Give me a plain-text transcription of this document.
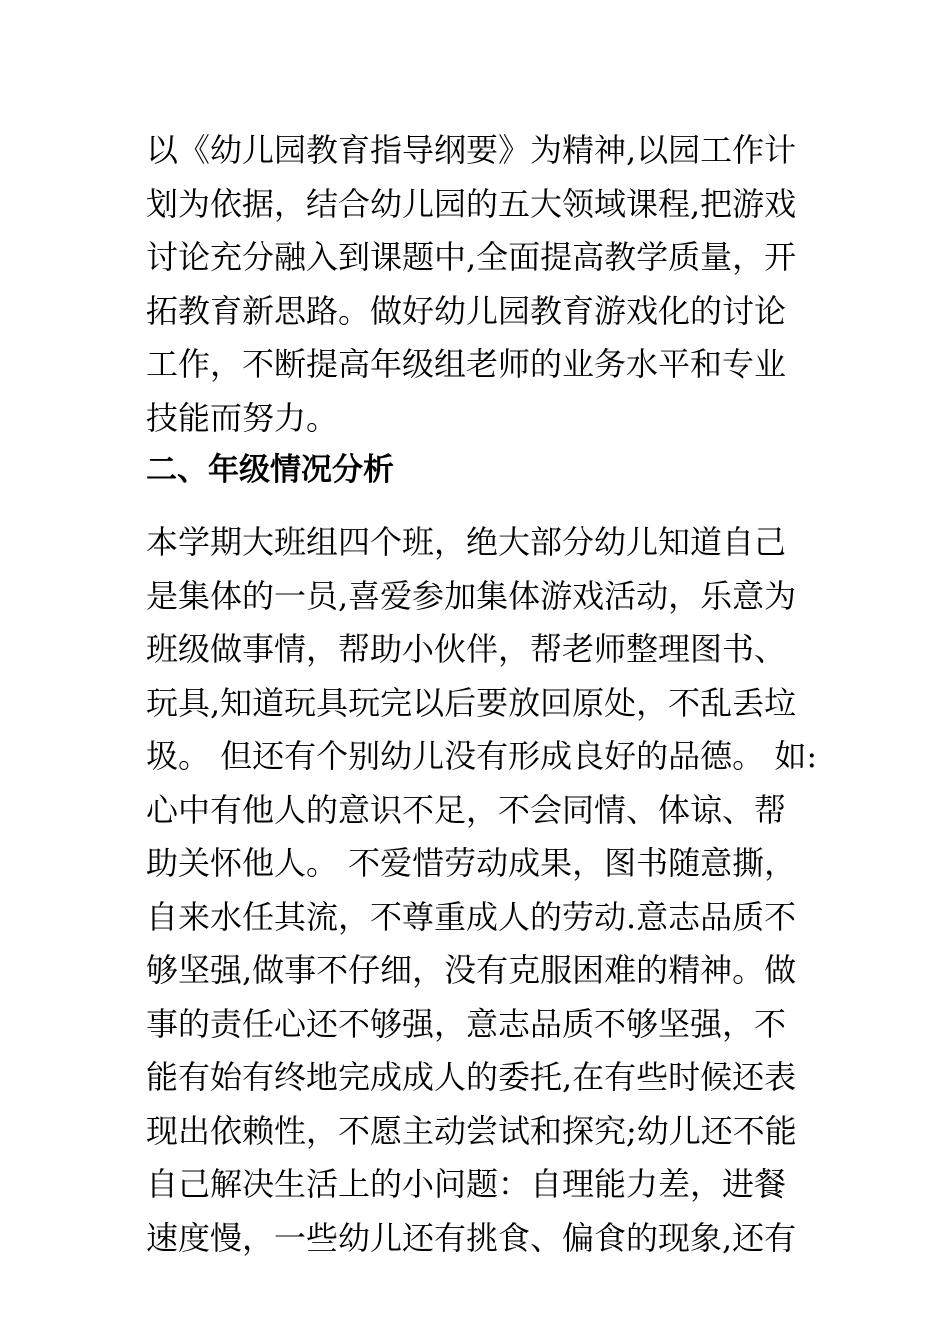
以《幼儿园教育指导纲要》为精神,以园工作计
划为依据，结合幼儿园的五大领域课程,把游戏
讨论充分融入到课题中,全面提高教学质量，开
拓教育新思路。做好幼儿园教育游戏化的讨论
工作，不断提高年级组老师的业务水平和专业
技能而努力。
二、年级情况分析
本学期大班组四个班，绝大部分幼儿知道自己
是集体的一员,喜爱参加集体游戏活动，乐意为
班级做事情，帮助小伙伴，帮老师整理图书、
玩具,知道玩具玩完以后要放回原处，不乱丢垃
圾。 但还有个别幼儿没有形成良好的品德。 如:
心中有他人的意识不足，不会同情、体谅、帮
助关怀他人。 不爱惜劳动成果，图书随意撕，
自来水任其流，不尊重成人的劳动.意志品质不
够坚强,做事不仔细，没有克服困难的精神。做
事的责任心还不够强，意志品质不够坚强，不
能有始有终地完成成人的委托,在有些时候还表
现出依赖性，不愿主动尝试和探究;幼儿还不能
自己解决生活上的小问题：自理能力差，进餐
速度慢，一些幼儿还有挑食、偏食的现象,还有
